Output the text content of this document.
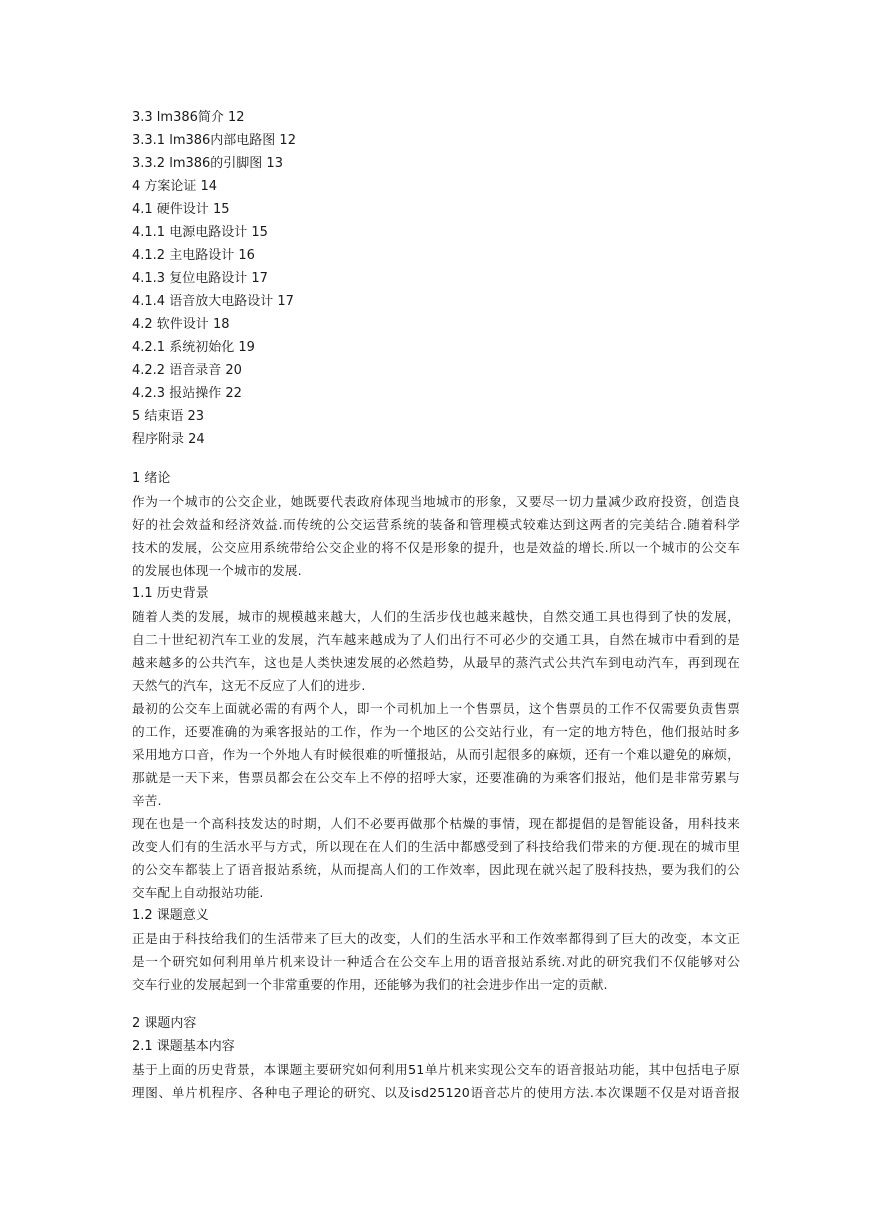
3.3 lm386简介 12
3.3.1 lm386内部电路图 12
3.3.2 lm386的引脚图 13
4 方案论证 14
4.1 硬件设计 15
4.1.1 电源电路设计 15
4.1.2 主电路设计 16
4.1.3 复位电路设计 17
4.1.4 语音放大电路设计 17
4.2 软件设计 18
4.2.1 系统初始化 19
4.2.2 语音录音 20
4.2.3 报站操作 22
5 结束语 23
程序附录 24
1 绪论
作为一个城市的公交企业，她既要代表政府体现当地城市的形象，又要尽一切力量减少政府投资，创造良
好的社会效益和经济效益.而传统的公交运营系统的装备和管理模式较难达到这两者的完美结合.随着科学
技术的发展，公交应用系统带给公交企业的将不仅是形象的提升，也是效益的增长.所以一个城市的公交车
的发展也体现一个城市的发展.
1.1 历史背景
随着人类的发展，城市的规模越来越大，人们的生活步伐也越来越快，自然交通工具也得到了快的发展，
自二十世纪初汽车工业的发展，汽车越来越成为了人们出行不可必少的交通工具，自然在城市中看到的是
越来越多的公共汽车，这也是人类快速发展的必然趋势，从最早的蒸汽式公共汽车到电动汽车，再到现在
天然气的汽车，这无不反应了人们的进步.
最初的公交车上面就必需的有两个人，即一个司机加上一个售票员，这个售票员的工作不仅需要负责售票
的工作，还要准确的为乘客报站的工作，作为一个地区的公交站行业，有一定的地方特色，他们报站时多
采用地方口音，作为一个外地人有时候很难的听懂报站，从而引起很多的麻烦，还有一个难以避免的麻烦，
那就是一天下来，售票员都会在公交车上不停的招呼大家，还要准确的为乘客们报站，他们是非常劳累与
辛苦.
现在也是一个高科技发达的时期，人们不必要再做那个枯燥的事情，现在都提倡的是智能设备，用科技来
改变人们有的生活水平与方式，所以现在在人们的生活中都感受到了科技给我们带来的方便.现在的城市里
的公交车都装上了语音报站系统，从而提高人们的工作效率，因此现在就兴起了股科技热，要为我们的公
交车配上自动报站功能.
1.2 课题意义
正是由于科技给我们的生活带来了巨大的改变，人们的生活水平和工作效率都得到了巨大的改变，本文正
是一个研究如何利用单片机来设计一种适合在公交车上用的语音报站系统.对此的研究我们不仅能够对公
交车行业的发展起到一个非常重要的作用，还能够为我们的社会进步作出一定的贡献.
2 课题内容
2.1 课题基本内容
基于上面的历史背景，本课题主要研究如何利用51单片机来实现公交车的语音报站功能，其中包括电子原
理图、单片机程序、各种电子理论的研究、以及isd25120语音芯片的使用方法.本次课题不仅是对语音报
